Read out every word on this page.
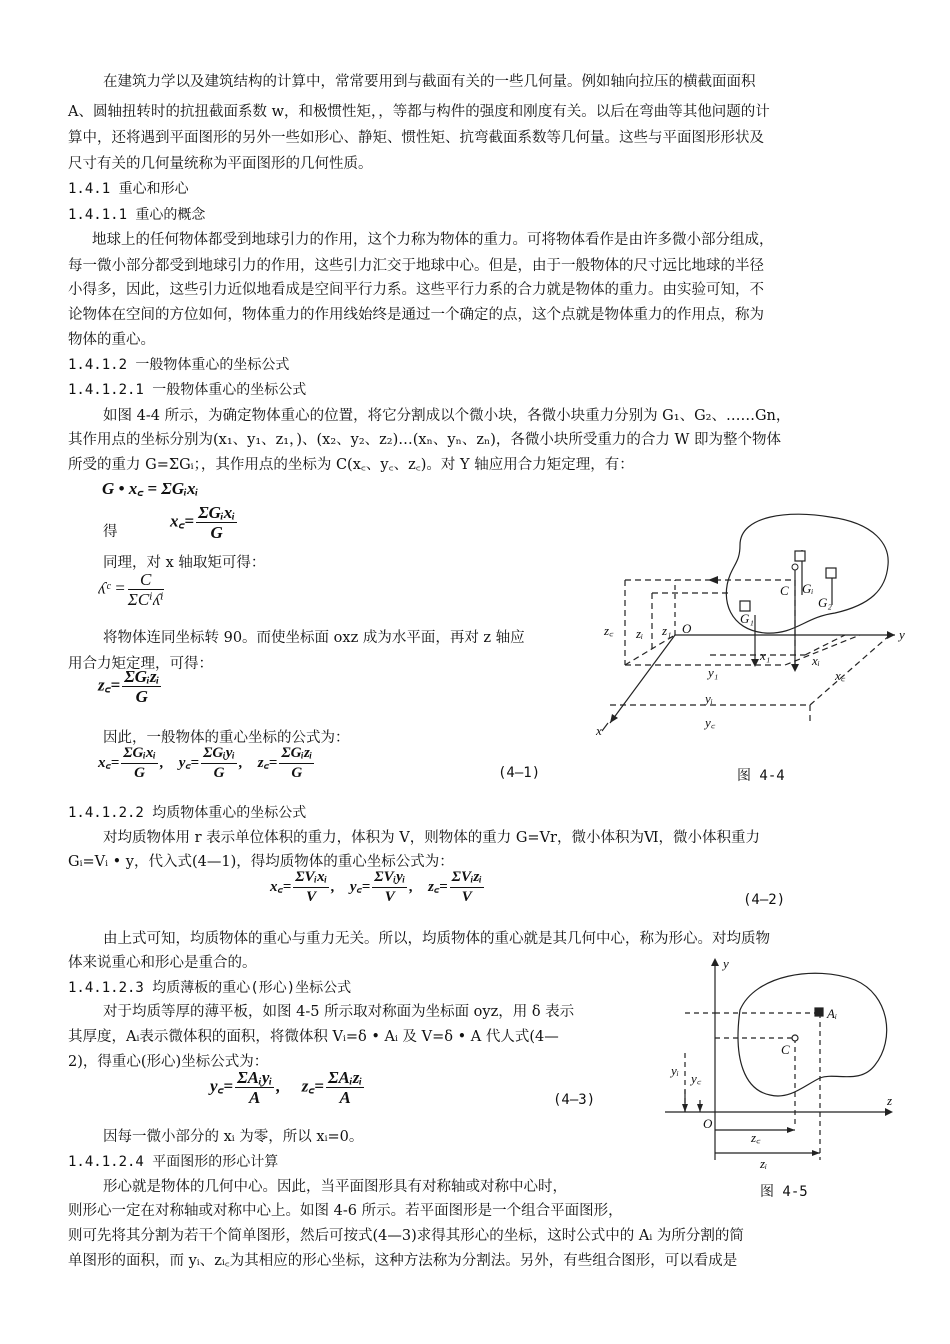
在建筑力学以及建筑结构的计算中，常常要用到与截面有关的一些几何量。例如轴向拉压的横截面面积
A、圆轴扭转时的抗扭截面系数 w，和极惯性矩，，等都与构件的强度和刚度有关。以后在弯曲等其他问题的计
算中，还将遇到平面图形的另外一些如形心、静矩、惯性矩、抗弯截面系数等几何量。这些与平面图形形状及
尺寸有关的几何量统称为平面图形的几何性质。
1.4.1 重心和形心
1.4.1.1 重心的概念
地球上的任何物体都受到地球引力的作用，这个力称为物体的重力。可将物体看作是由许多微小部分组成，
每一微小部分都受到地球引力的作用，这些引力汇交于地球中心。但是，由于一般物体的尺寸远比地球的半径
小得多，因此，这些引力近似地看成是空间平行力系。这些平行力系的合力就是物体的重力。由实验可知，不
论物体在空间的方位如何，物体重力的作用线始终是通过一个确定的点，这个点就是物体重力的作用点，称为
物体的重心。
1.4.1.2 一般物体重心的坐标公式
1.4.1.2.1 一般物体重心的坐标公式
如图 4-4 所示，为确定物体重心的位置，将它分割成以个微小块，各微小块重力分别为 G₁、G₂、……Gn，
其作用点的坐标分别为(x₁、y₁、z₁，)、(x₂、y₂、z₂)…(xₙ、yₙ、zₙ)，各微小块所受重力的合力 W 即为整个物体
所受的重力 G=ΣGᵢ；，其作用点的坐标为 C(x꜀、y꜀、z꜀)。对 Y 轴应用合力矩定理，有：
G • x꜀ = ΣGᵢxᵢ
得
x꜀= $\frac{\text{ΣGᵢxᵢ}}{G}$
同理，对 x 轴取矩可得：
ʎᶜ = $\frac{C}{\text{ΣCⁱʎⁱ}}$
将物体连同坐标转 90。而使坐标面 oxz 成为水平面，再对 z 轴应
用合力矩定理，可得：
z꜀= $\frac{\text{ΣGᵢzᵢ}}{G}$
因此，一般物体的重心坐标的公式为：
x꜀= $\frac{\text{ΣGᵢxᵢ}}{G}$ ,    y꜀= $\frac{\text{ΣGᵢyᵢ}}{G}$ ,    z꜀= $\frac{\text{ΣGᵢzᵢ}}{G}$	(4—1)	图 4-4
1.4.1.2.2 均质物体重心的坐标公式
对均质物体用 r 表示单位体积的重力，体积为 V，则物体的重力 G=Vr，微小体积为Ⅵ，微小体积重力
Gᵢ=Vᵢ • y，代入式(4—1)，得均质物体的重心坐标公式为：
x꜀= $\frac{\text{ΣVᵢxᵢ}}{V}$ ,    y꜀= $\frac{\text{ΣVᵢyᵢ}}{V}$ ,    z꜀= $\frac{\text{ΣVᵢzᵢ}}{V}$	(4—2)
由上式可知，均质物体的重心与重力无关。所以，均质物体的重心就是其几何中心，称为形心。对均质物
体来说重心和形心是重合的。
1.4.1.2.3 均质薄板的重心(形心)坐标公式
对于均质等厚的薄平板，如图 4-5 所示取对称面为坐标面 oyz，用 δ 表示
其厚度，Aᵢ表示微体积的面积，将微体积 Vᵢ=δ • Aᵢ 及 V=δ • A 代人式(4—
2)，得重心(形心)坐标公式为：
y꜀= $\frac{\text{ΣAᵢyᵢ}}{A}$ ,     z꜀= $\frac{\text{ΣAᵢzᵢ}}{A}$	(4—3)
因每一微小部分的 xᵢ 为零，所以 xᵢ=0。
1.4.1.2.4 平面图形的形心计算
形心就是物体的几何中心。因此，当平面图形具有对称轴或对称中心时，
则形心一定在对称轴或对称中心上。如图 4-6 所示。若平面图形是一个组合平面图形，
则可先将其分割为若干个简单图形，然后可按式(4—3)求得其形心的坐标，这时公式中的 Aᵢ 为所分割的简
单图形的面积，而 yᵢ、zᵢ꜀为其相应的形心坐标，这种方法称为分割法。另外，有些组合图形，可以看成是
图 4-5
y
x
O
C Gᵢ
G₁
G₂
z꜀ zᵢ z₁
x₁	xᵢ
x꜀
y₁
yᵢ
y꜀
y
z
O
C
Aᵢ
yᵢ
y꜀
z꜀
zᵢ
